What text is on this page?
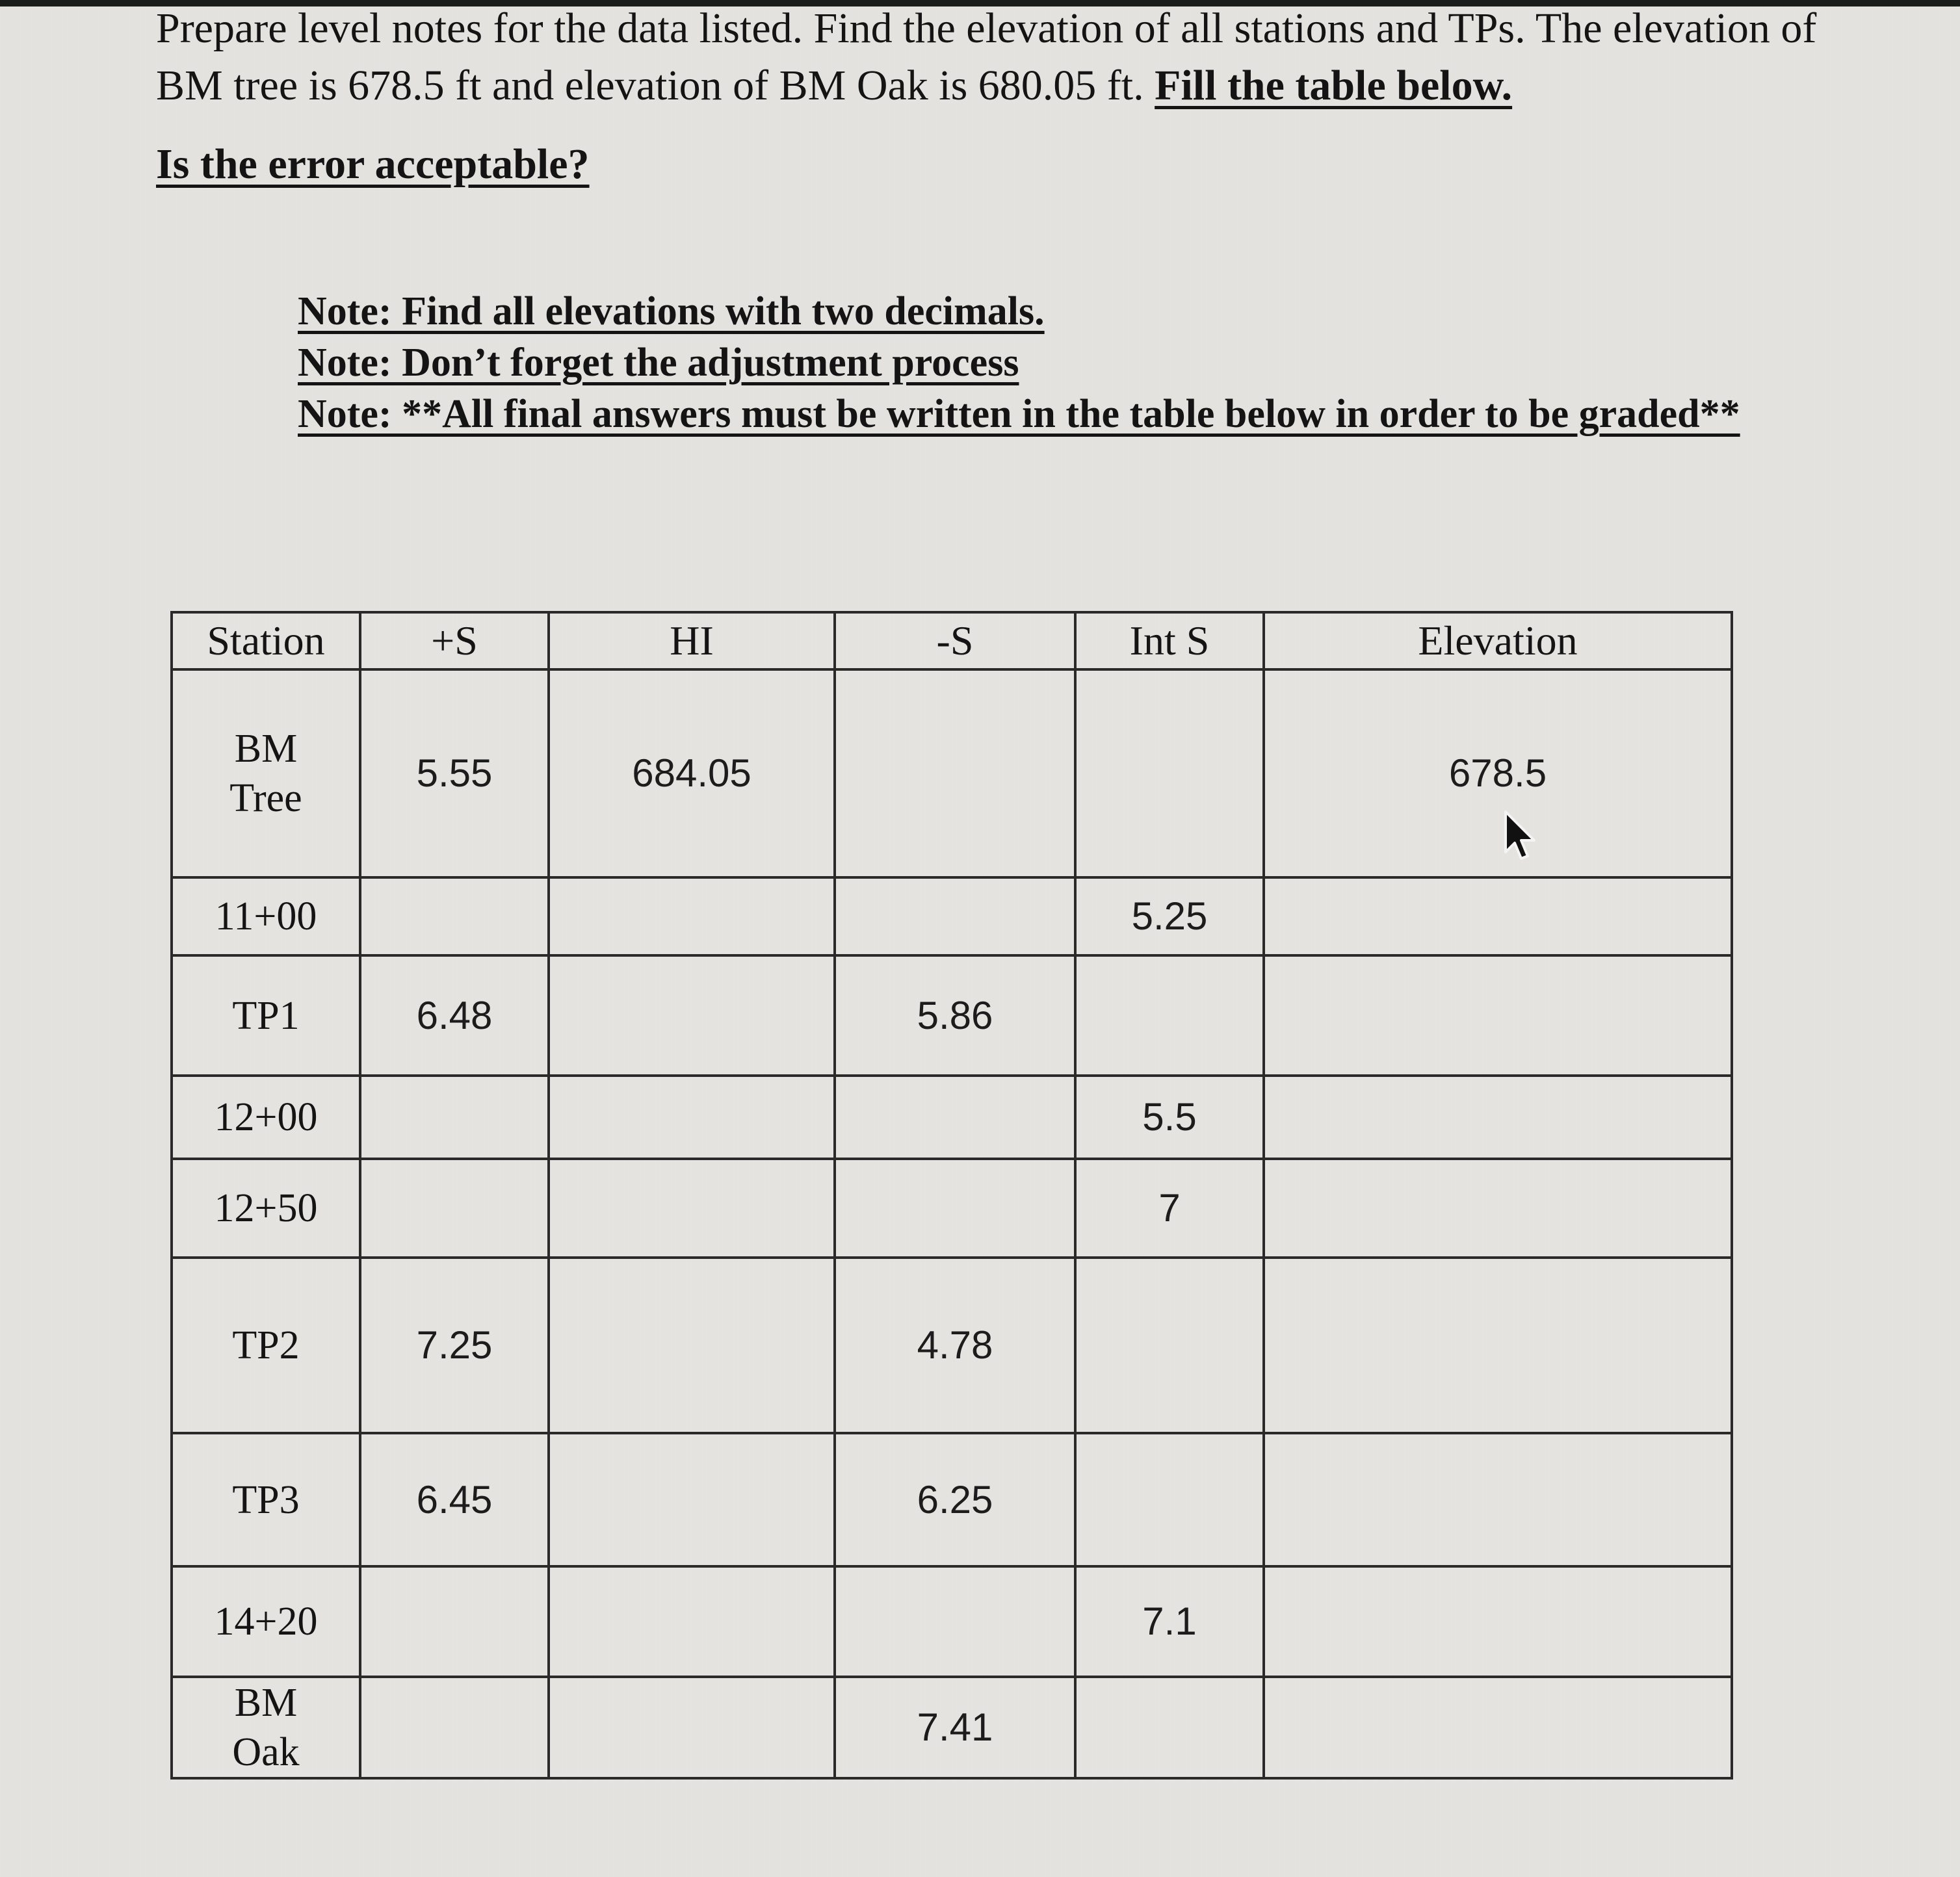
Prepare level notes for the data listed. Find the elevation of all stations and TPs. The elevation of
BM tree is 678.5 ft and elevation of BM Oak is 680.05 ft. Fill the table below.
Is the error acceptable?
Note: Find all elevations with two decimals.
Note: Don’t forget the adjustment process
Note: **All final answers must be written in the table below in order to be graded**
Station	+S	HI	-S	Int S	Elevation
BM Tree	5.55	684.05			678.5
11+00				5.25	
TP1	6.48		5.86		
12+00				5.5	
12+50				7	
TP2	7.25		4.78		
TP3	6.45		6.25		
14+20				7.1	
BM Oak			7.41		
